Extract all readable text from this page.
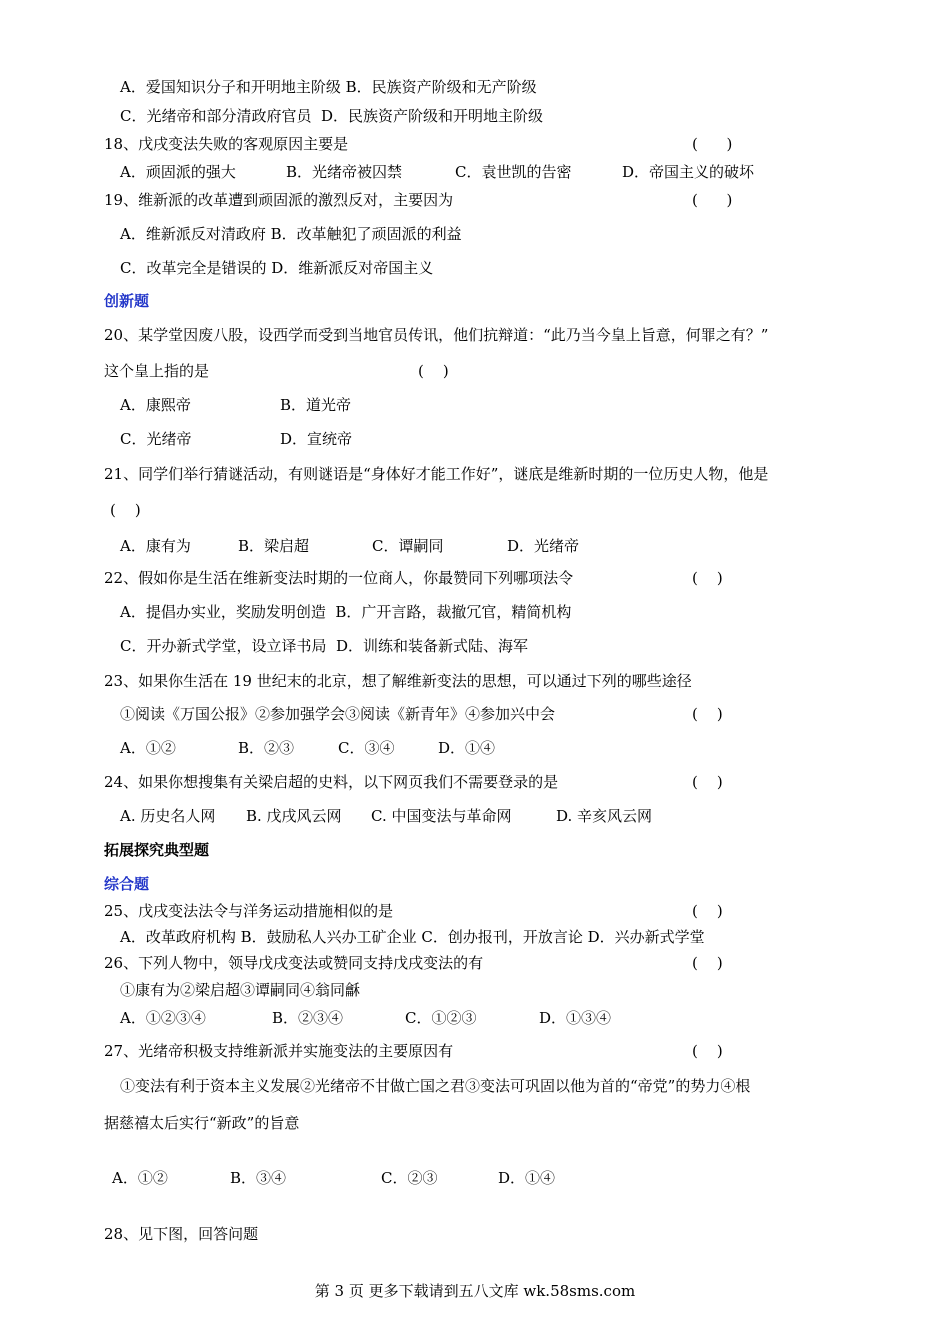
A．爱国知识分子和开明地主阶级 B．民族资产阶级和无产阶级
C．光绪帝和部分清政府官员  D．民族资产阶级和开明地主阶级
18、戊戌变法失败的客观原因主要是	(      )
A．顽固派的强大	B．光绪帝被囚禁	C．袁世凯的告密	D．帝国主义的破坏
19、维新派的改革遭到顽固派的激烈反对，主要因为	(      )
A．维新派反对清政府 B．改革触犯了顽固派的利益
C．改革完全是错误的 D．维新派反对帝国主义
创新题
20、某学堂因废八股，设西学而受到当地官员传讯，他们抗辩道：“此乃当今皇上旨意，何罪之有？”
这个皇上指的是	(    )
A．康熙帝	B．道光帝
C．光绪帝	D．宣统帝
21、同学们举行猜谜活动，有则谜语是“身体好才能工作好”，谜底是维新时期的一位历史人物，他是
(    )
A．康有为	B．梁启超	C．谭嗣同	D．光绪帝
22、假如你是生活在维新变法时期的一位商人，你最赞同下列哪项法令	(    )
A．提倡办实业，奖励发明创造  B．广开言路，裁撤冗官，精简机构
C．开办新式学堂，设立译书局  D．训练和装备新式陆、海军
23、如果你生活在 19 世纪末的北京，想了解维新变法的思想，可以通过下列的哪些途径
①阅读《万国公报》②参加强学会③阅读《新青年》④参加兴中会	(    )
A．①②	B．②③	C．③④	D．①④
24、如果你想搜集有关梁启超的史料，以下网页我们不需要登录的是	(    )
A. 历史名人网 B. 戊戌风云网 C. 中国变法与革命网	D. 辛亥风云网
拓展探究典型题
综合题
25、戊戌变法法令与洋务运动措施相似的是	(    )
A．改革政府机构 B．鼓励私人兴办工矿企业 C．创办报刊，开放言论 D．兴办新式学堂
26、下列人物中，领导戊戌变法或赞同支持戊戌变法的有	(    )
①康有为②梁启超③谭嗣同④翁同龢
A．①②③④	B．②③④	C．①②③	D．①③④
27、光绪帝积极支持维新派并实施变法的主要原因有	(    )
①变法有利于资本主义发展②光绪帝不甘做亡国之君③变法可巩固以他为首的“帝党”的势力④根
据慈禧太后实行“新政”的旨意
A．①②	B．③④	C．②③	D．①④
28、见下图，回答问题
第 3 页 更多下载请到五八文库 wk.58sms.com
